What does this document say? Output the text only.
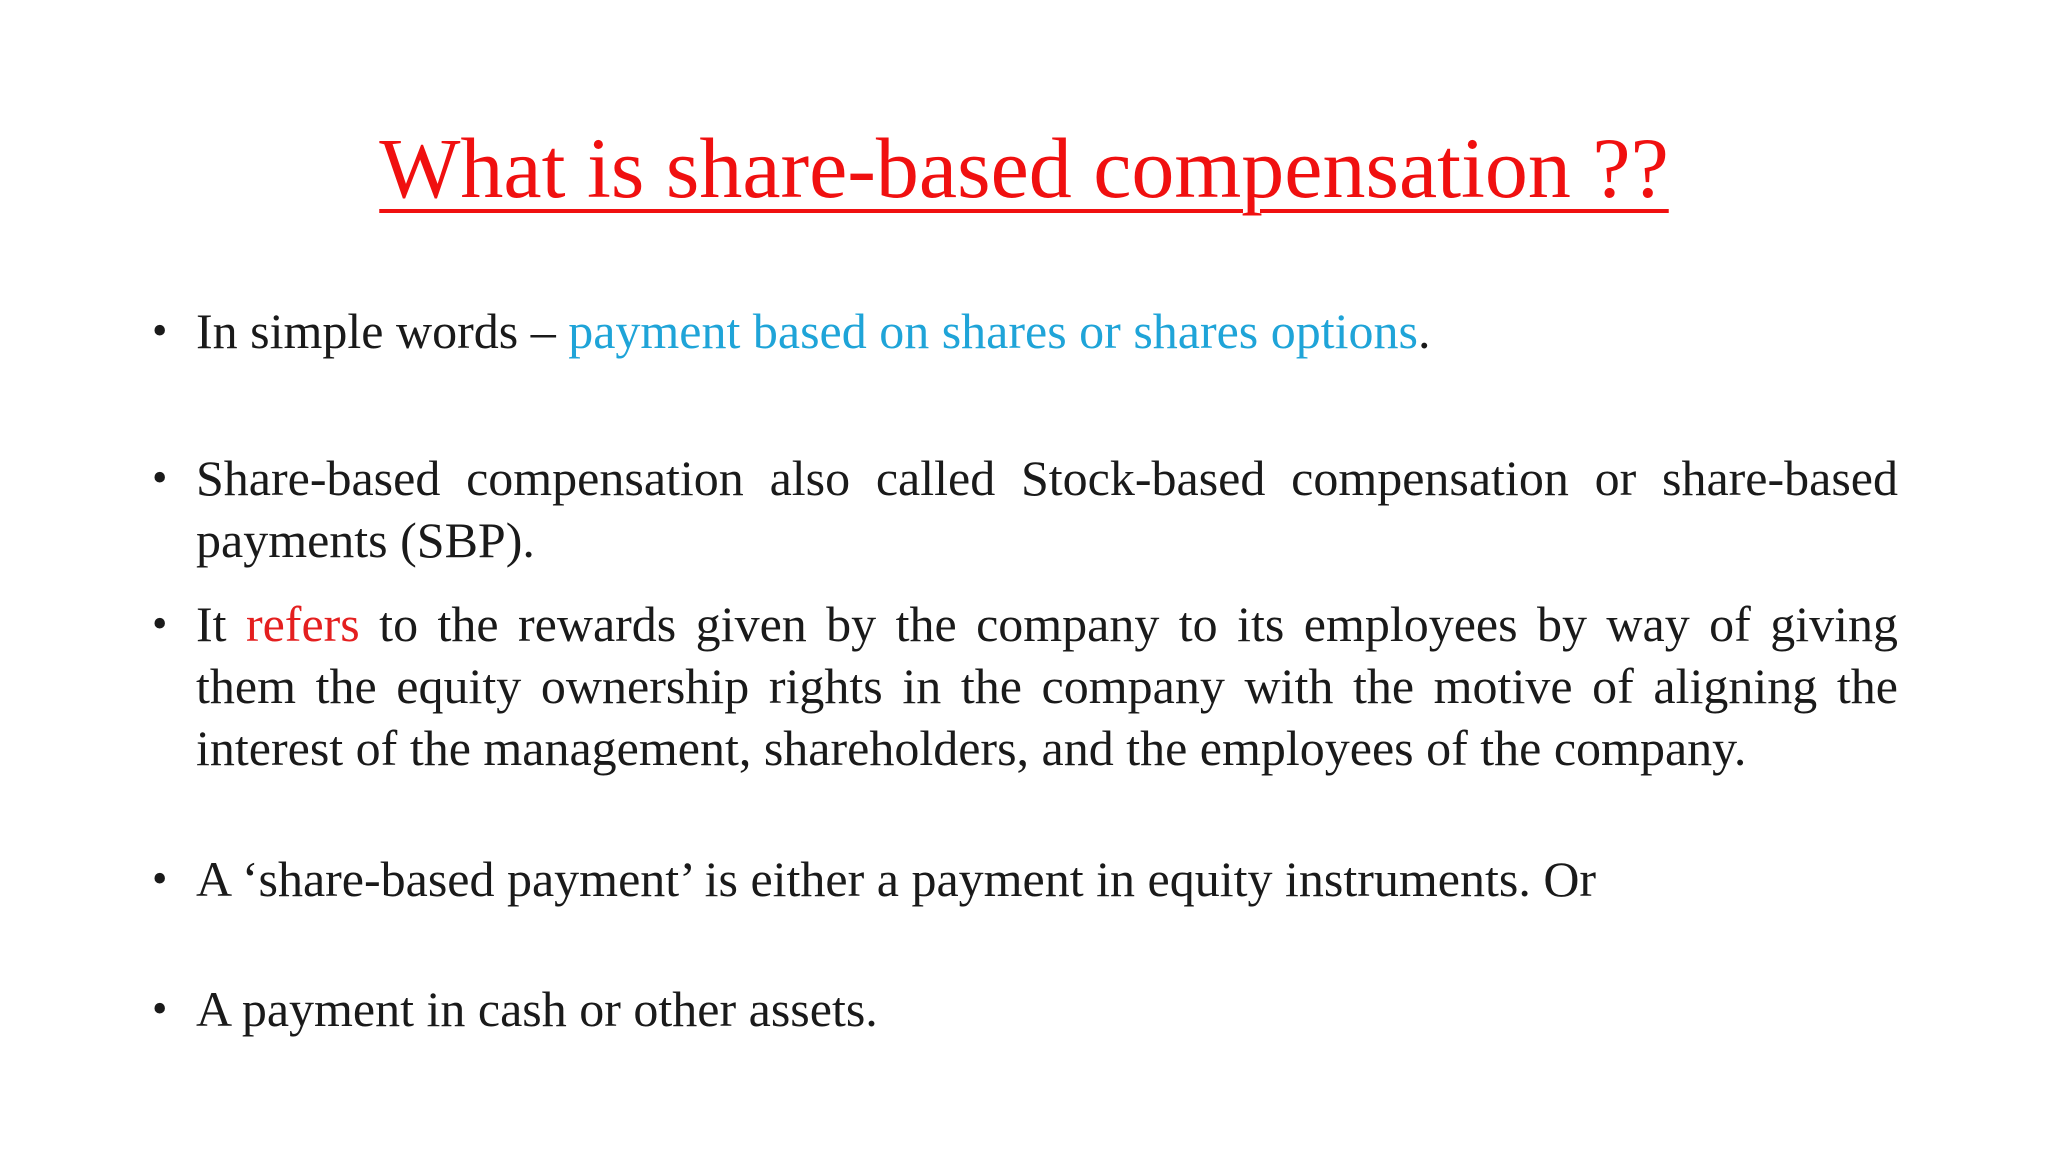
What is share-based compensation ??
• In simple words – payment based on shares or shares options.
• Share-based compensation also called Stock-based compensation or share-based payments (SBP).
• It refers to the rewards given by the company to its employees by way of giving them the equity ownership rights in the company with the motive of aligning the interest of the management, shareholders, and the employees of the company.
• A ‘share-based payment’ is either a payment in equity instruments. Or
• A payment in cash or other assets.
